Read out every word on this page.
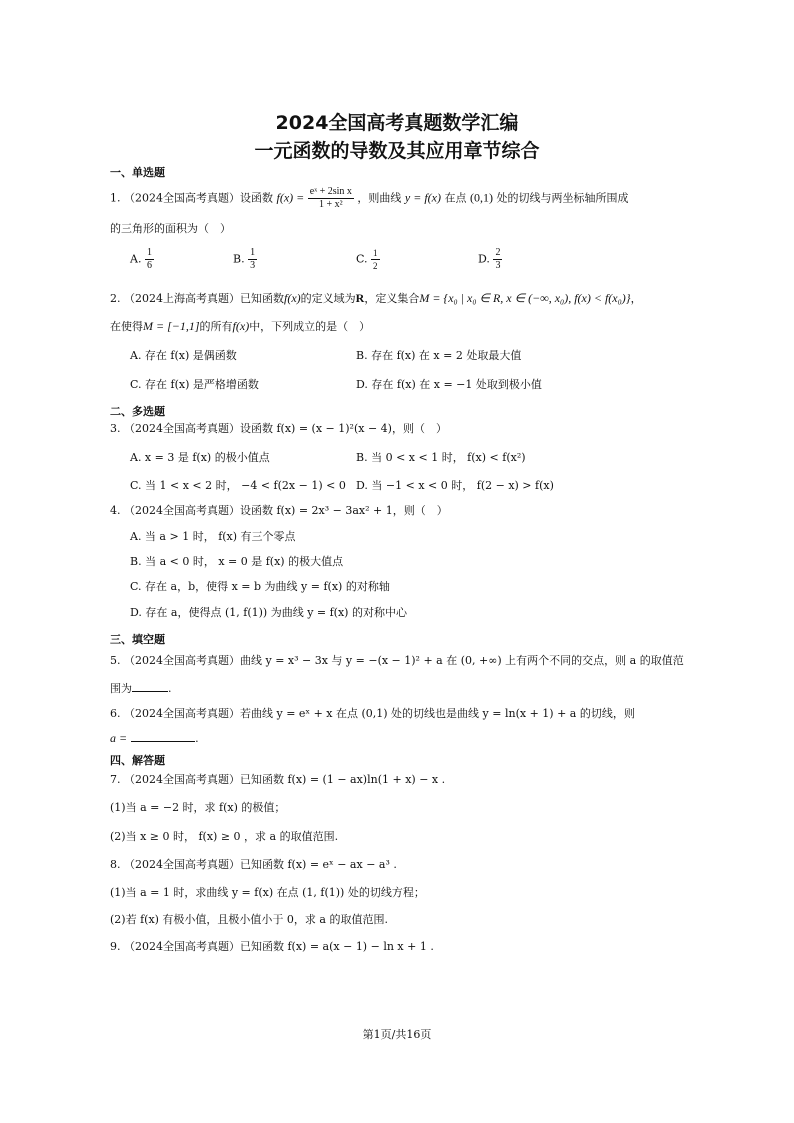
2024全国高考真题数学汇编
一元函数的导数及其应用章节综合
一、单选题
1. （2024全国高考真题）设函数 $f(x) = \frac{\text{eˣ + 2sin x}}{\text{1 + x²}}$ ，则曲线 y = f(x) 在点 (0,1) 处的切线与两坐标轴所围成
的三角形的面积为（　）
A. $\frac{1}{6}$	B. $\frac{1}{3}$	C. $\frac{1}{2}$	D. $\frac{2}{3}$
2. （2024上海高考真题）已知函数f(x)的定义域为R，定义集合M = {x₀ | x₀ ∈ R, x ∈ (−∞, x₀), f(x) < f(x₀)}，
在使得M = [−1,1]的所有f(x)中，下列成立的是（　）
A. 存在 f(x) 是偶函数	B. 存在 f(x) 在 x = 2 处取最大值
C. 存在 f(x) 是严格增函数	D. 存在 f(x) 在 x = −1 处取到极小值
二、多选题
3. （2024全国高考真题）设函数 f(x) = (x − 1)²(x − 4)，则（　）
A. x = 3 是 f(x) 的极小值点	B. 当 0 < x < 1 时， f(x) < f(x²)
C. 当 1 < x < 2 时， −4 < f(2x − 1) < 0 D. 当 −1 < x < 0 时， f(2 − x) > f(x)
4. （2024全国高考真题）设函数 f(x) = 2x³ − 3ax² + 1，则（　）
A. 当 a > 1 时， f(x) 有三个零点
B. 当 a < 0 时， x = 0 是 f(x) 的极大值点
C. 存在 a，b，使得 x = b 为曲线 y = f(x) 的对称轴
D. 存在 a，使得点 (1, f(1)) 为曲线 y = f(x) 的对称中心
三、填空题
5. （2024全国高考真题）曲线 y = x³ − 3x 与 y = −(x − 1)² + a 在 (0, +∞) 上有两个不同的交点，则 a 的取值范
围为	.
6. （2024全国高考真题）若曲线 y = eˣ + x 在点 (0,1) 处的切线也是曲线 y = ln(x + 1) + a 的切线，则
a =	.
四、解答题
7. （2024全国高考真题）已知函数 f(x) = (1 − ax)ln(1 + x) − x .
(1)当 a = −2 时，求 f(x) 的极值；
(2)当 x ≥ 0 时， f(x) ≥ 0 ，求 a 的取值范围.
8. （2024全国高考真题）已知函数 f(x) = eˣ − ax − a³ .
(1)当 a = 1 时，求曲线 y = f(x) 在点 (1, f(1)) 处的切线方程；
(2)若 f(x) 有极小值，且极小值小于 0，求 a 的取值范围.
9. （2024全国高考真题）已知函数 f(x) = a(x − 1) − ln x + 1 .
第1页/共16页
